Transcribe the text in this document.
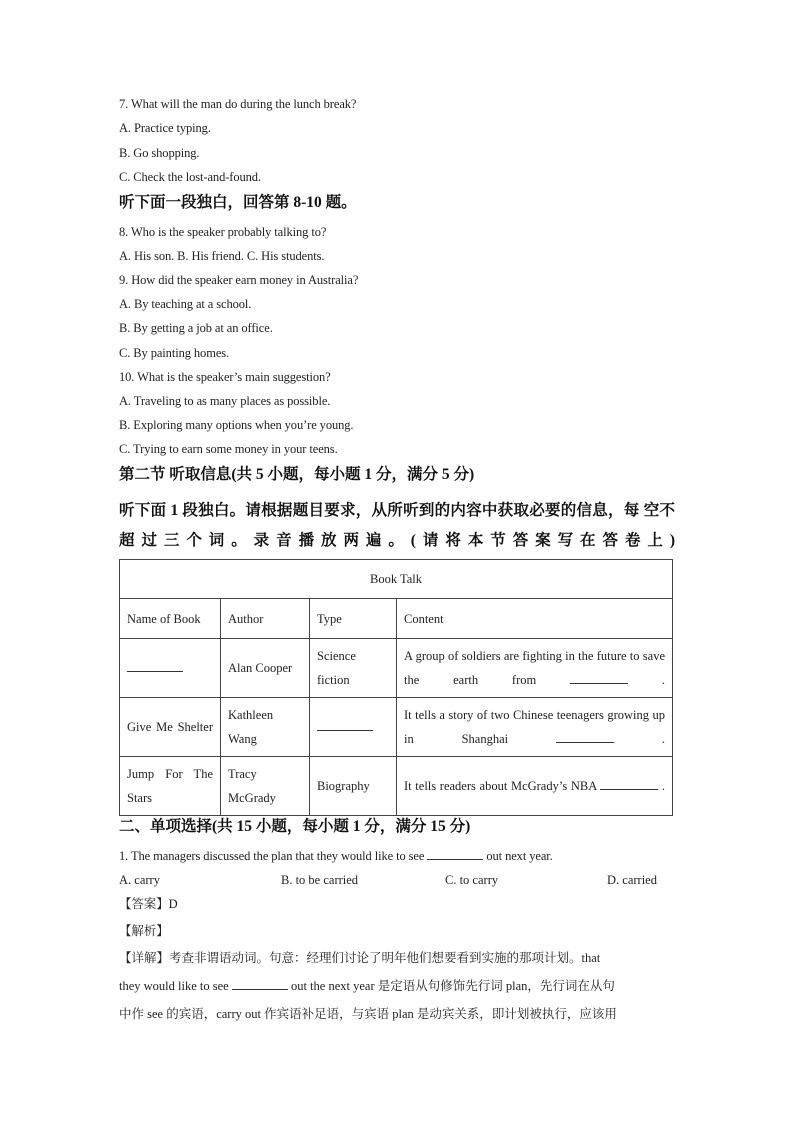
7. What will the man do during the lunch break?
A. Practice typing.
B. Go shopping.
C. Check the lost-and-found.
听下面一段独白，回答第 8-10 题。
8. Who is the speaker probably talking to?
A. His son. B. His friend. C. His students.
9. How did the speaker earn money in Australia?
A. By teaching at a school.
B. By getting a job at an office.
C. By painting homes.
10. What is the speaker’s main suggestion?
A. Traveling to as many places as possible.
B. Exploring many options when you’re young.
C. Trying to earn some money in your teens.
第二节 听取信息(共 5 小题，每小题 1 分，满分 5 分)
听下面 1 段独白。请根据题目要求，从所听到的内容中获取必要的信息，每 空不超过三个词。录音播放两遍。(请将本节答案写在答卷上)
Book Talk			
Name of Book	Author	Type	Content
	Alan Cooper	Science fiction	A group of soldiers are fighting in the future to save the earth from .
Give Me Shelter	Kathleen Wang		It tells a story of two Chinese teenagers growing up in Shanghai .
Jump For The Stars	Tracy McGrady	Biography	It tells readers about McGrady’s NBA .
二、单项选择(共 15 小题，每小题 1 分，满分 15 分)
1. The managers discussed the plan that they would like to see	out next year.
A. carry	B. to be carried	C. to carry	D. carried
【答案】D
【解析】
【详解】考查非谓语动词。句意：经理们讨论了明年他们想要看到实施的那项计划。that
they would like to see	out the next year 是定语从句修饰先行词 plan，先行词在从句
中作 see 的宾语，carry out 作宾语补足语，与宾语 plan 是动宾关系，即计划被执行，应该用
